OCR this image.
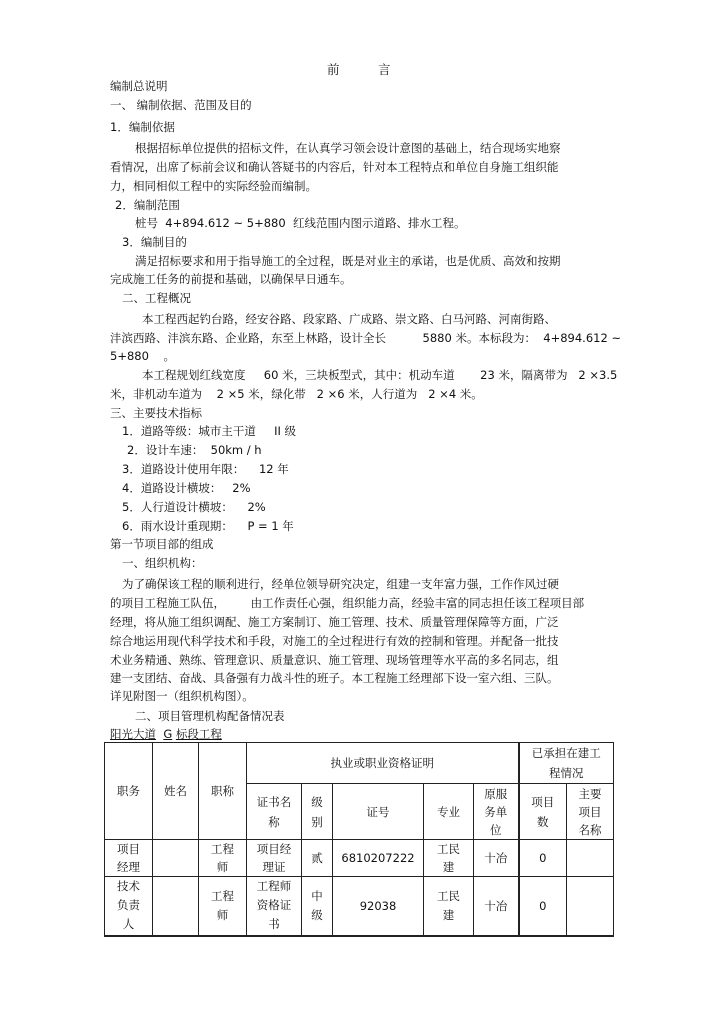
前	言
编制总说明
一、 编制依据、范围及目的
1．编制依据
根据招标单位提供的招标文件，在认真学习领会设计意图的基础上，结合现场实地察
看情况，出席了标前会议和确认答疑书的内容后，针对本工程特点和单位自身施工组织能
力，相同相似工程中的实际经验而编制。
2．编制范围
桩号  4+894.612 ~ 5+880  红线范围内图示道路、排水工程。
3．编制目的
满足招标要求和用于指导施工的全过程，既是对业主的承诺，也是优质、高效和按期
完成施工任务的前提和基础，以确保早日通车。
二、工程概况
本工程西起钓台路，经安谷路、段家路、广成路、崇文路、白马河路、河南街路、
沣滨西路、沣滨东路、企业路，东至上林路，设计全长          5880 米。本标段为：  4+894.612 ~
5+880    。
本工程规划红线宽度     60 米，三块板型式，其中：机动车道       23 米，隔离带为   2 ×3.5
米，非机动车道为    2 ×5 米，绿化带   2 ×6 米，人行道为   2 ×4 米。
三、主要技术指标
1．道路等级：城市主干道     II 级
2．设计车速：  50km / h
3．道路设计使用年限：    12 年
4．道路设计横坡：   2%
5．人行道设计横坡：    2%
6．雨水设计重现期：    P = 1 年
第一节项目部的组成
一、组织机构：
为了确保该工程的顺利进行，经单位领导研究决定，组建一支年富力强，工作作风过硬
的项目工程施工队伍，       由工作责任心强，组织能力高，经验丰富的同志担任该工程项目部
经理，将从施工组织调配、施工方案制订、施工管理、技术、质量管理保障等方面，广泛
综合地运用现代科学技术和手段，对施工的全过程进行有效的控制和管理。并配备一批技
术业务精通、熟练、管理意识、质量意识、施工管理、现场管理等水平高的多名同志，组
建一支团结、奋战、具备强有力战斗性的班子。本工程施工经理部下设一室六组、三队。
详见附图一（组织机构图）。
二、项目管理机构配备情况表
阳光大道 G 标段工程
职务	姓名	职称	执业或职业资格证明					已承担在建工程情况	

			证书名称	级别	证号	专业	原服务单位	项目数	主要项目名称

项目经理		工程师	项目经理证	贰	6810207222	工民建	十冶	0	

技术负责人		工程师	工程师资格证书	中级	92038	工民建	十冶	0	
